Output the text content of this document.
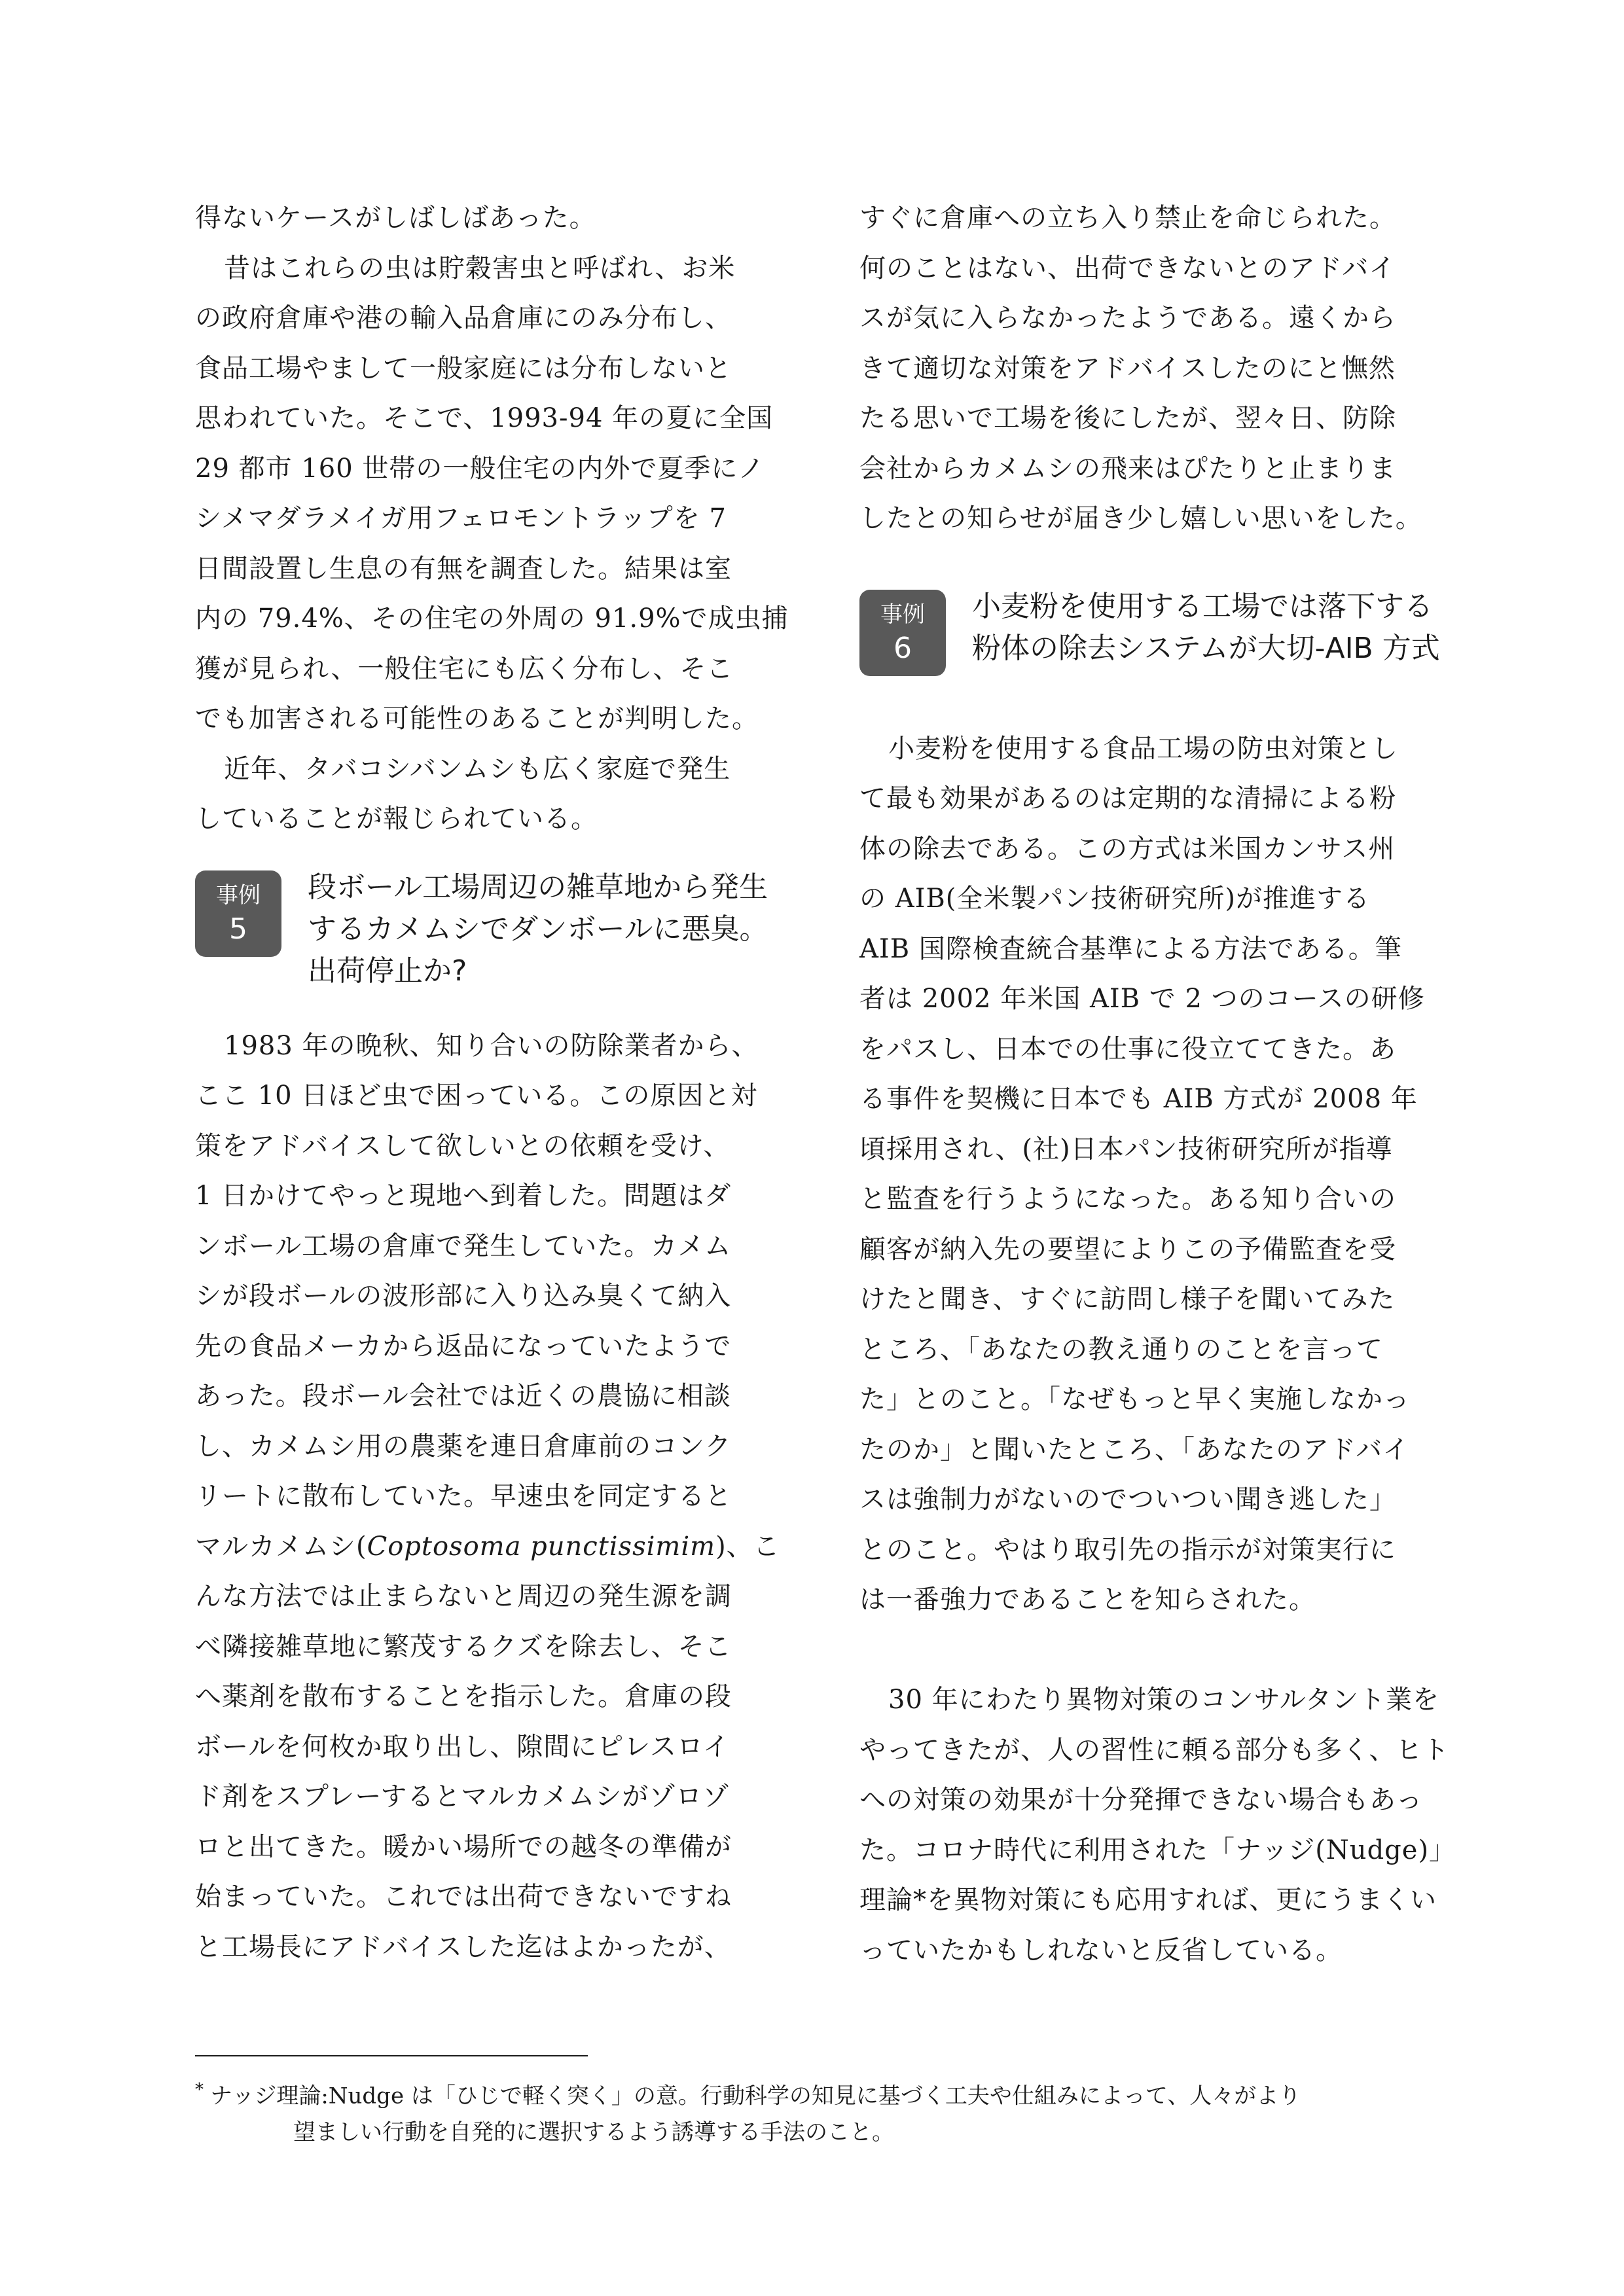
得ないケースがしばしばあった。
昔はこれらの虫は貯穀害虫と呼ばれ、お米
の政府倉庫や港の輸入品倉庫にのみ分布し、
食品工場やまして一般家庭には分布しないと
思われていた。そこで、1993-94 年の夏に全国
29 都市 160 世帯の一般住宅の内外で夏季にノ
シメマダラメイガ用フェロモントラップを 7
日間設置し生息の有無を調査した。結果は室
内の 79.4%、その住宅の外周の 91.9%で成虫捕
獲が見られ、一般住宅にも広く分布し、そこ
でも加害される可能性のあることが判明した。
近年、タバコシバンムシも広く家庭で発生
していることが報じられている。
事例
5
段ボール工場周辺の雑草地から発生
するカメムシでダンボールに悪臭。
出荷停止か?
1983 年の晩秋、知り合いの防除業者から、
ここ 10 日ほど虫で困っている。この原因と対
策をアドバイスして欲しいとの依頼を受け、
1 日かけてやっと現地へ到着した。問題はダ
ンボール工場の倉庫で発生していた。カメム
シが段ボールの波形部に入り込み臭くて納入
先の食品メーカから返品になっていたようで
あった。段ボール会社では近くの農協に相談
し、カメムシ用の農薬を連日倉庫前のコンク
リートに散布していた。早速虫を同定すると
マルカメムシ(Coptosoma punctissimim)、こ
んな方法では止まらないと周辺の発生源を調
べ隣接雑草地に繁茂するクズを除去し、そこ
へ薬剤を散布することを指示した。倉庫の段
ボールを何枚か取り出し、隙間にピレスロイ
ド剤をスプレーするとマルカメムシがゾロゾ
ロと出てきた。暖かい場所での越冬の準備が
始まっていた。これでは出荷できないですね
と工場長にアドバイスした迄はよかったが、
すぐに倉庫への立ち入り禁止を命じられた。
何のことはない、出荷できないとのアドバイ
スが気に入らなかったようである。遠くから
きて適切な対策をアドバイスしたのにと憮然
たる思いで工場を後にしたが、翌々日、防除
会社からカメムシの飛来はぴたりと止まりま
したとの知らせが届き少し嬉しい思いをした。
事例
6
小麦粉を使用する工場では落下する
粉体の除去システムが大切-AIB 方式
小麦粉を使用する食品工場の防虫対策とし
て最も効果があるのは定期的な清掃による粉
体の除去である。この方式は米国カンサス州
の AIB(全米製パン技術研究所)が推進する
AIB 国際検査統合基準による方法である。筆
者は 2002 年米国 AIB で 2 つのコースの研修
をパスし、日本での仕事に役立ててきた。あ
る事件を契機に日本でも AIB 方式が 2008 年
頃採用され、(社)日本パン技術研究所が指導
と監査を行うようになった。ある知り合いの
顧客が納入先の要望によりこの予備監査を受
けたと聞き、すぐに訪問し様子を聞いてみた
ところ、「あなたの教え通りのことを言って
た」とのこと。「なぜもっと早く実施しなかっ
たのか」と聞いたところ、「あなたのアドバイ
スは強制力がないのでついつい聞き逃した」
とのこと。やはり取引先の指示が対策実行に
は一番強力であることを知らされた。
30 年にわたり異物対策のコンサルタント業を
やってきたが、人の習性に頼る部分も多く、ヒト
への対策の効果が十分発揮できない場合もあっ
た。コロナ時代に利用された「ナッジ(Nudge)」
理論*を異物対策にも応用すれば、更にうまくい
っていたかもしれないと反省している。
* ナッジ理論:Nudge は「ひじで軽く突く」の意。行動科学の知見に基づく工夫や仕組みによって、人々がより
望ましい行動を自発的に選択するよう誘導する手法のこと。
